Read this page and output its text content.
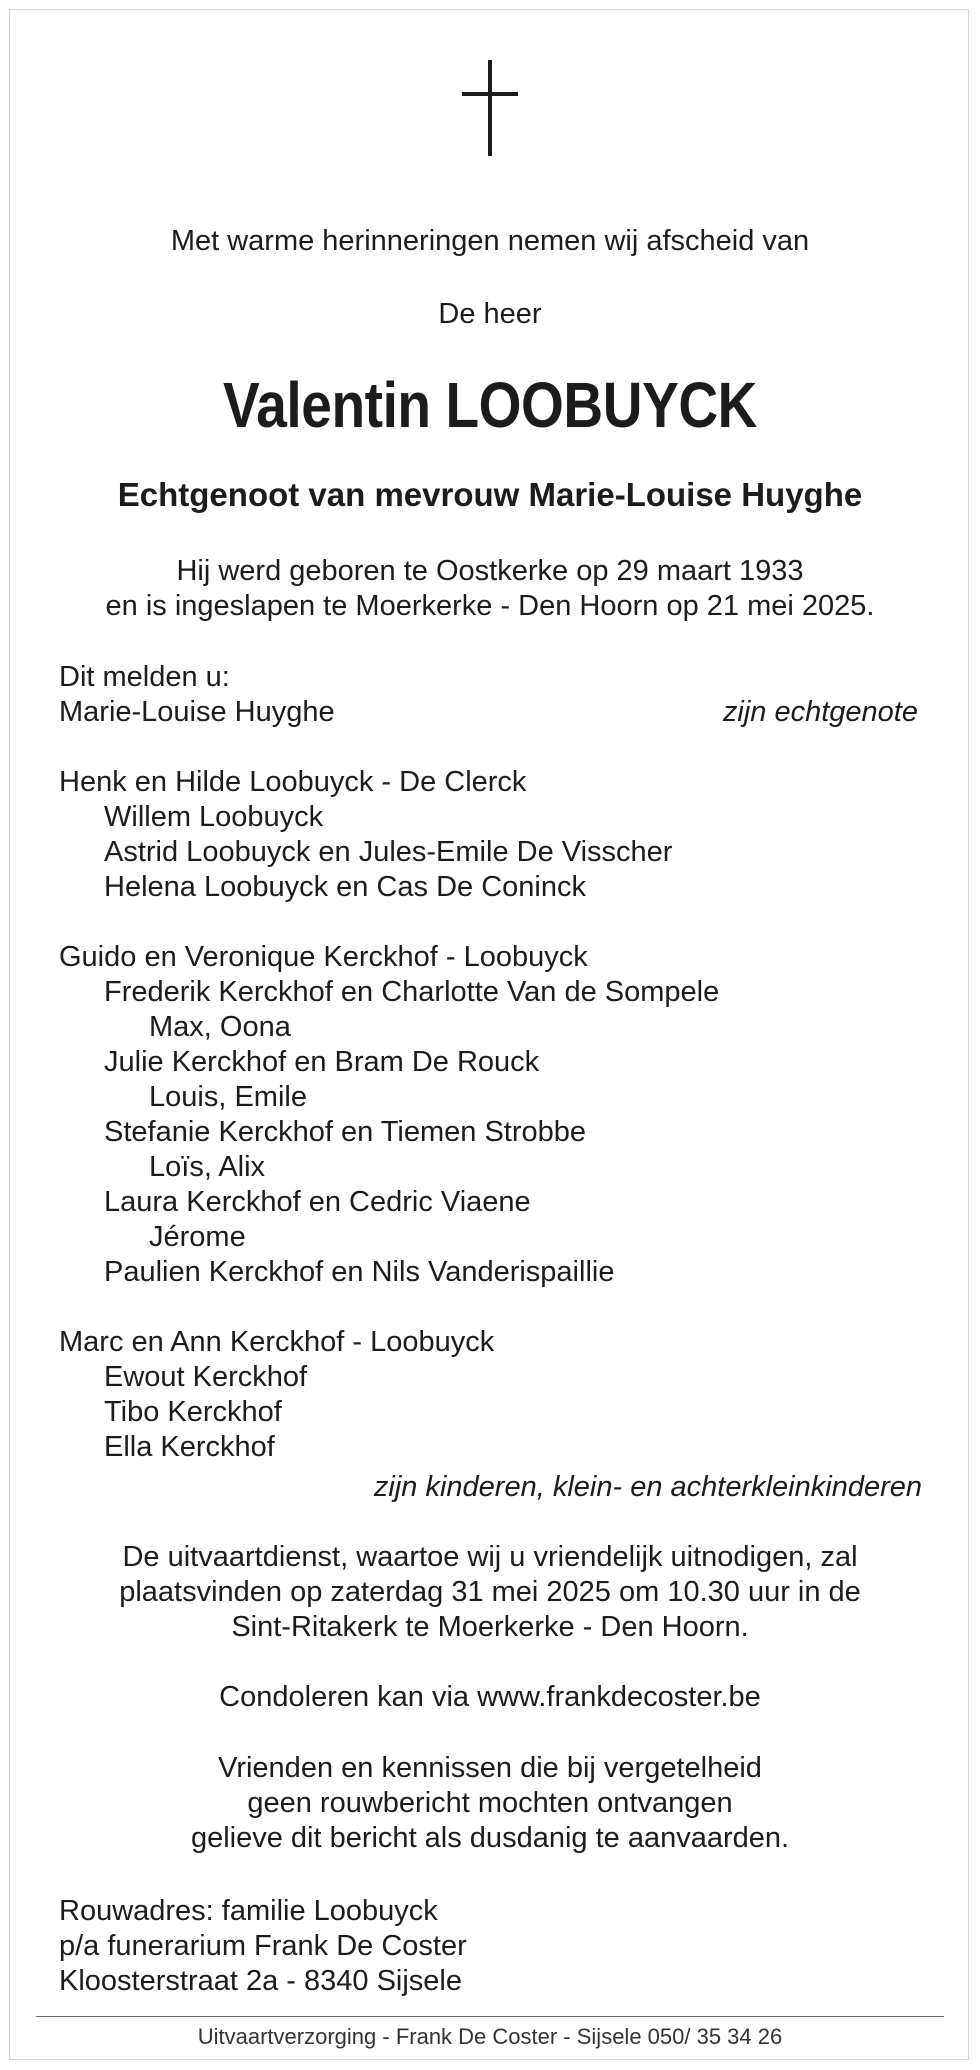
Met warme herinneringen nemen wij afscheid van
De heer
Valentin LOOBUYCK
Echtgenoot van mevrouw Marie-Louise Huyghe
Hij werd geboren te Oostkerke op 29 maart 1933
en is ingeslapen te Moerkerke - Den Hoorn op 21 mei 2025.
Dit melden u:
Marie-Louise Huyghe	zijn echtgenote
Henk en Hilde Loobuyck - De Clerck
Willem Loobuyck
Astrid Loobuyck en Jules-Emile De Visscher
Helena Loobuyck en Cas De Coninck
Guido en Veronique Kerckhof - Loobuyck
Frederik Kerckhof en Charlotte Van de Sompele
Max, Oona
Julie Kerckhof en Bram De Rouck
Louis, Emile
Stefanie Kerckhof en Tiemen Strobbe
Loïs, Alix
Laura Kerckhof en Cedric Viaene
Jérome
Paulien Kerckhof en Nils Vanderispaillie
Marc en Ann Kerckhof - Loobuyck
Ewout Kerckhof
Tibo Kerckhof
Ella Kerckhof
zijn kinderen, klein- en achterkleinkinderen
De uitvaartdienst, waartoe wij u vriendelijk uitnodigen, zal
plaatsvinden op zaterdag 31 mei 2025 om 10.30 uur in de
Sint-Ritakerk te Moerkerke - Den Hoorn.
Condoleren kan via www.frankdecoster.be
Vrienden en kennissen die bij vergetelheid
geen rouwbericht mochten ontvangen
gelieve dit bericht als dusdanig te aanvaarden.
Rouwadres: familie Loobuyck
p/a funerarium Frank De Coster
Kloosterstraat 2a - 8340 Sijsele
Uitvaartverzorging - Frank De Coster - Sijsele 050/ 35 34 26
